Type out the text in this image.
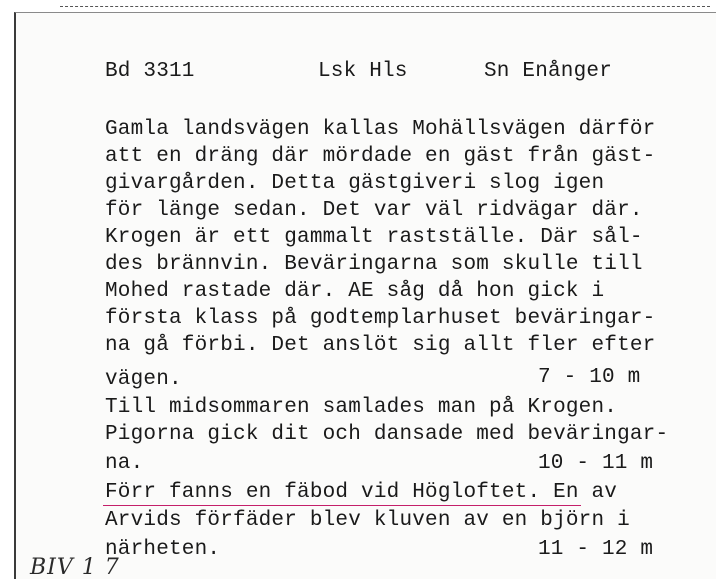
Bd 3311	Lsk Hls	Sn Enånger
Gamla landsvägen kallas Mohällsvägen därför
att en dräng där mördade en gäst från gäst-
givargården. Detta gästgiveri slog igen
för länge sedan. Det var väl ridvägar där.
Krogen är ett gammalt rastställe. Där sål-
des brännvin. Beväringarna som skulle till
Mohed rastade där. AE såg då hon gick i
första klass på godtemplarhuset beväringar-
na gå förbi. Det anslöt sig allt fler efter
vägen.	7 - 10 m
Till midsommaren samlades man på Krogen.
Pigorna gick dit och dansade med beväringar-
na.	10 - 11 m
Förr fanns en fäbod vid Högloftet. En av
Arvids förfäder blev kluven av en björn i
närheten.	11 - 12 m
BIV 1 7
